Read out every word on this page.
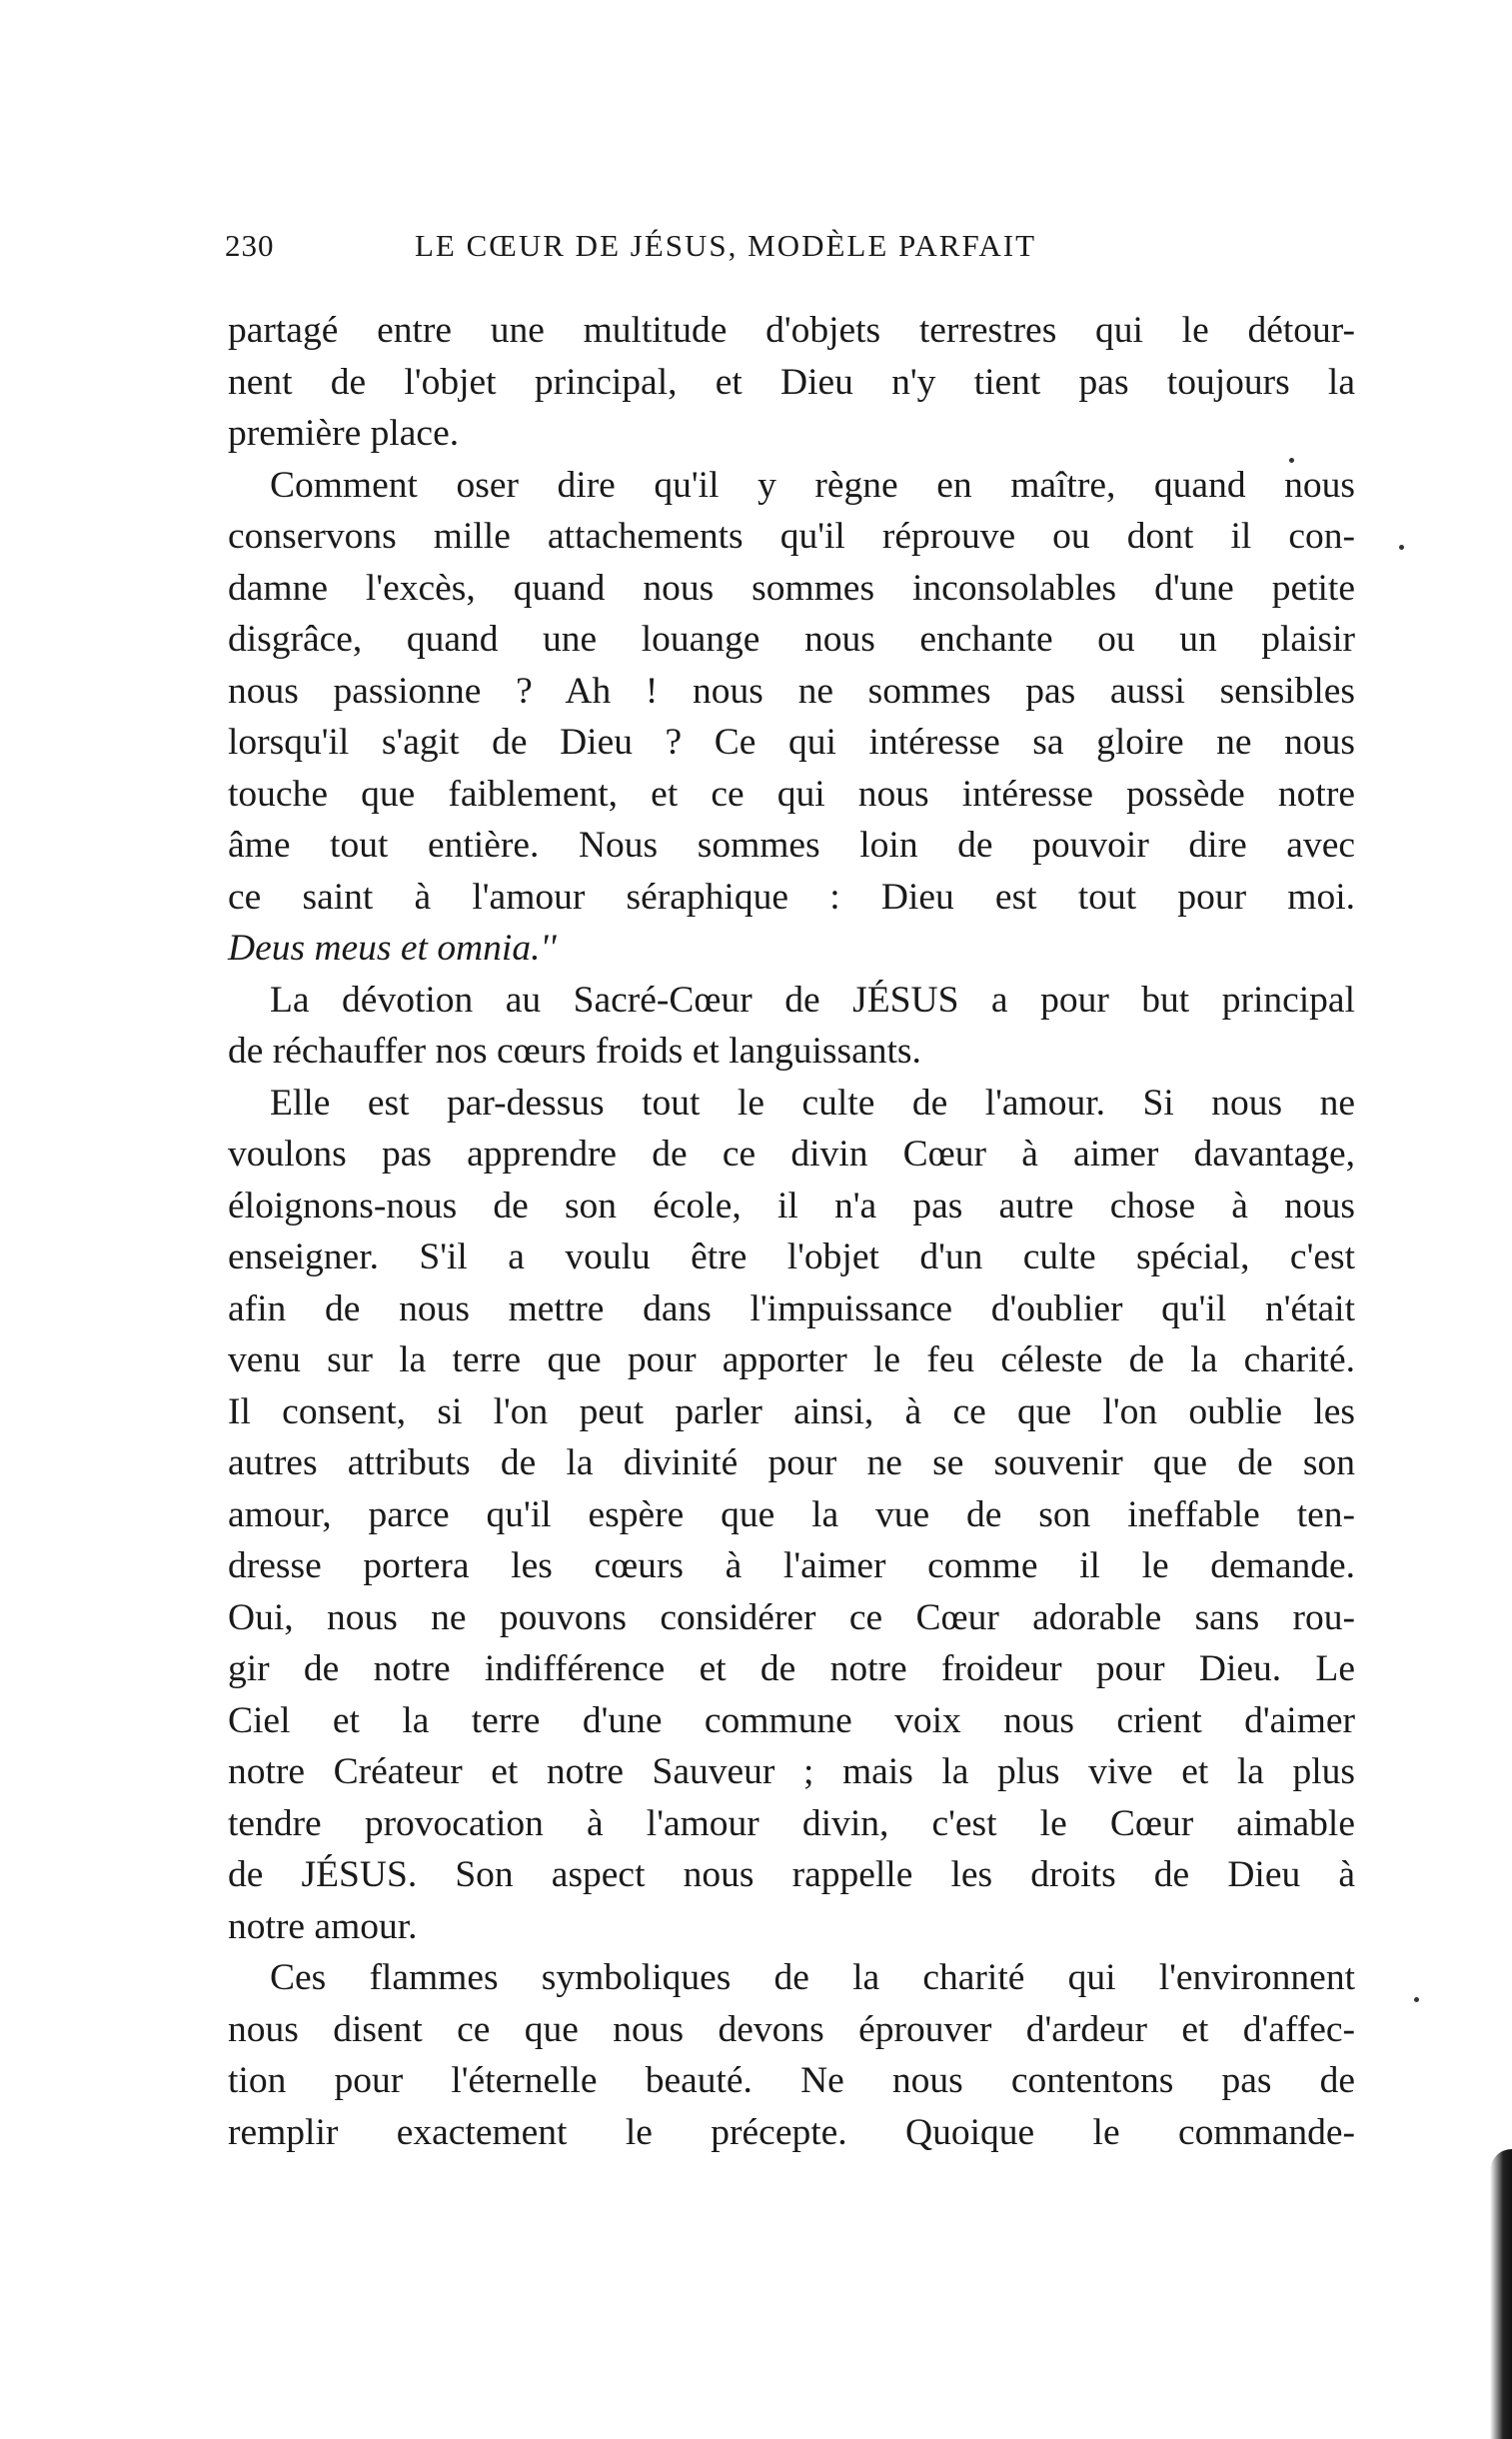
230	LE CŒUR DE JÉSUS, MODÈLE PARFAIT
partagé entre une multitude d'objets terrestres qui le détour-
nent de l'objet principal, et Dieu n'y tient pas toujours la
première place.
Comment oser dire qu'il y règne en maître, quand nous
conservons mille attachements qu'il réprouve ou dont il con-
damne l'excès, quand nous sommes inconsolables d'une petite
disgrâce, quand une louange nous enchante ou un plaisir
nous passionne ? Ah ! nous ne sommes pas aussi sensibles
lorsqu'il s'agit de Dieu ? Ce qui intéresse sa gloire ne nous
touche que faiblement, et ce qui nous intéresse possède notre
âme tout entière. Nous sommes loin de pouvoir dire avec
ce saint à l'amour séraphique : Dieu est tout pour moi.
Deus meus et omnia.''
La dévotion au Sacré-Cœur de JÉSUS a pour but principal
de réchauffer nos cœurs froids et languissants.
Elle est par-dessus tout le culte de l'amour. Si nous ne
voulons pas apprendre de ce divin Cœur à aimer davantage,
éloignons-nous de son école, il n'a pas autre chose à nous
enseigner. S'il a voulu être l'objet d'un culte spécial, c'est
afin de nous mettre dans l'impuissance d'oublier qu'il n'était
venu sur la terre que pour apporter le feu céleste de la charité.
Il consent, si l'on peut parler ainsi, à ce que l'on oublie les
autres attributs de la divinité pour ne se souvenir que de son
amour, parce qu'il espère que la vue de son ineffable ten-
dresse portera les cœurs à l'aimer comme il le demande.
Oui, nous ne pouvons considérer ce Cœur adorable sans rou-
gir de notre indifférence et de notre froideur pour Dieu. Le
Ciel et la terre d'une commune voix nous crient d'aimer
notre Créateur et notre Sauveur ; mais la plus vive et la plus
tendre provocation à l'amour divin, c'est le Cœur aimable
de JÉSUS. Son aspect nous rappelle les droits de Dieu à
notre amour.
Ces flammes symboliques de la charité qui l'environnent
nous disent ce que nous devons éprouver d'ardeur et d'affec-
tion pour l'éternelle beauté. Ne nous contentons pas de
remplir exactement le précepte. Quoique le commande-
